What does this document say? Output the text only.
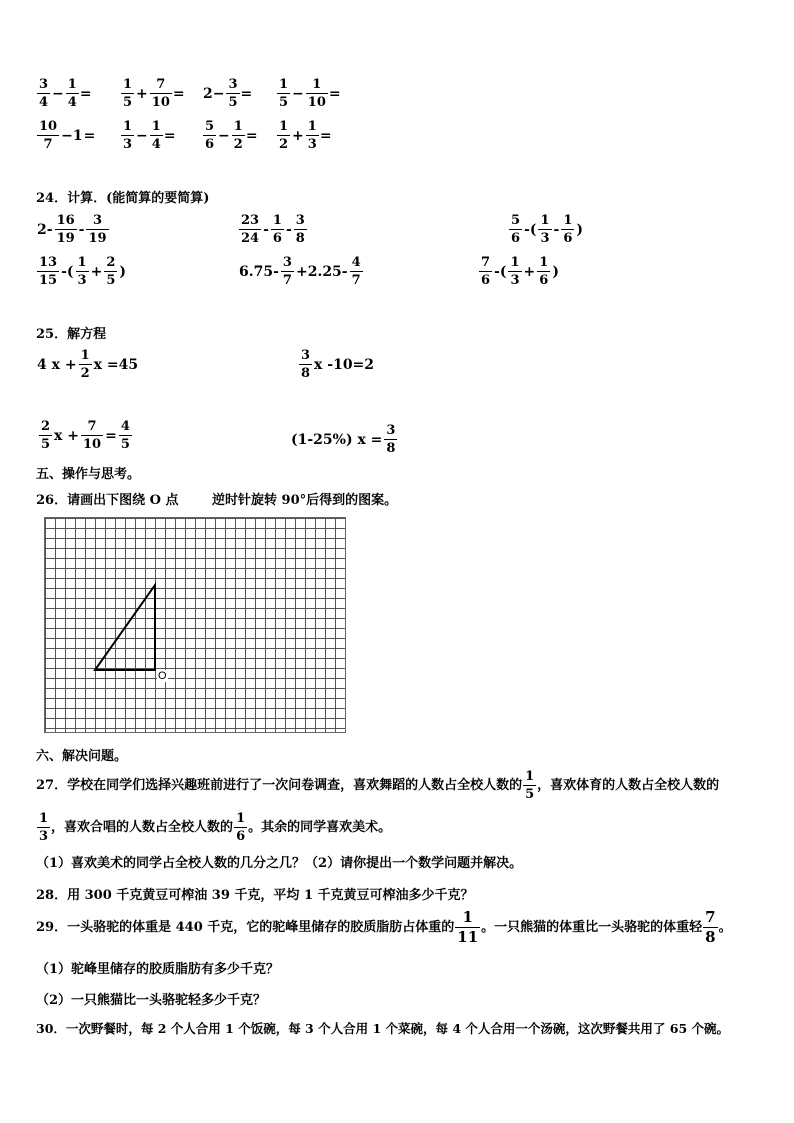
$\frac{3}{4} - \frac{1}{4} = \frac{1}{5} + \frac{7}{10} = 2- \frac{3}{5} = \frac{1}{5} - \frac{1}{10}$ =
$\frac{10}{7} -1= \frac{1}{3} - \frac{1}{4} = \frac{5}{6} - \frac{1}{2} = \frac{1}{2} + \frac{1}{3}$ =
24．计算．(能简算的要简算)
$2- \frac{16}{19} - \frac{3}{19}$	$\frac{23}{24} - \frac{1}{6} - \frac{3}{8}$	$\frac{5}{6}$ -( $\frac{1}{3} - \frac{1}{6}$ )
$\frac{13}{15}$ -( $\frac{1}{3} + \frac{2}{5}$ )	$6.75- \frac{3}{7} +2.25- \frac{4}{7}$	$\frac{7}{6}$ -( $\frac{1}{3} + \frac{1}{6}$ )
25．解方程
4 $x + \frac{1}{2}$ x =45	$\frac{3}{8}$ x -10=2
$\frac{2}{5}$ $x + \frac{7}{10} = \frac{4}{5}$	(1-25%) $x = \frac{3}{8}$
五、操作与思考。
26．请画出下图绕 O 点	逆时针旋转 90°后得到的图案。
O
六、解决问题。
27．学校在同学们选择兴趣班前进行了一次问卷调查，喜欢舞蹈的人数占全校人数的 $\frac{1}{5}$ ，喜欢体育的人数占全校人数的
$\frac{1}{3}$ ，喜欢合唱的人数占全校人数的 $\frac{1}{6}$ 。其余的同学喜欢美术。
（1）喜欢美术的同学占全校人数的几分之几？（2）请你提出一个数学问题并解决。
28．用 300 千克黄豆可榨油 39 千克，平均 1 千克黄豆可榨油多少千克？
29．一头骆驼的体重是 440 千克，它的驼峰里储存的胶质脂肪占体重的 $\frac{1}{11}$ 。一只熊猫的体重比一头骆驼的体重轻 $\frac{7}{8}$ 。
（1）驼峰里储存的胶质脂肪有多少千克？
（2）一只熊猫比一头骆驼轻多少千克？
30．一次野餐时，每 2 个人合用 1 个饭碗，每 3 个人合用 1 个菜碗，每 4 个人合用一个汤碗，这次野餐共用了 65 个碗。
